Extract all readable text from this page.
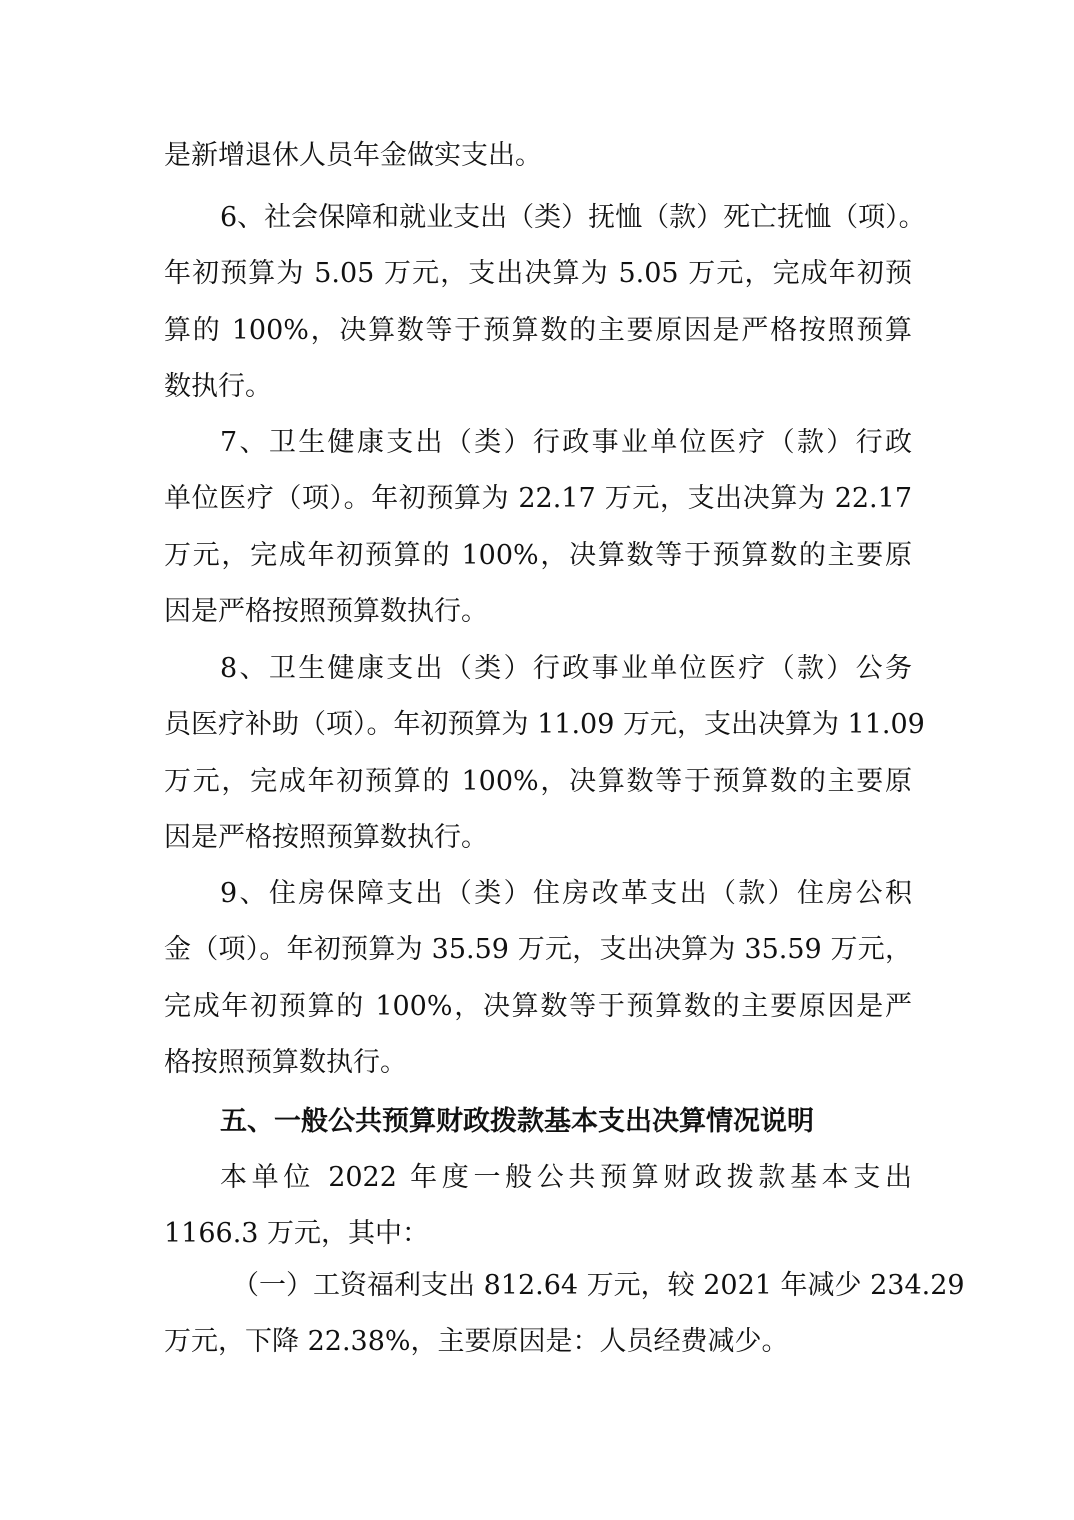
是新增退休人员年金做实支出。
6、社会保障和就业支出（类）抚恤（款）死亡抚恤（项）。
年初预算为 5.05 万元，支出决算为 5.05 万元，完成年初预
算的 100%，决算数等于预算数的主要原因是严格按照预算
数执行。
7、卫生健康支出（类）行政事业单位医疗（款）行政
单位医疗（项）。年初预算为 22.17 万元，支出决算为 22.17
万元，完成年初预算的 100%，决算数等于预算数的主要原
因是严格按照预算数执行。
8、卫生健康支出（类）行政事业单位医疗（款）公务
员医疗补助（项）。年初预算为 11.09 万元，支出决算为 11.09
万元，完成年初预算的 100%，决算数等于预算数的主要原
因是严格按照预算数执行。
9、住房保障支出（类）住房改革支出（款）住房公积
金（项）。年初预算为 35.59 万元，支出决算为 35.59 万元，
完成年初预算的 100%，决算数等于预算数的主要原因是严
格按照预算数执行。
五、一般公共预算财政拨款基本支出决算情况说明
本单位 2022 年度一般公共预算财政拨款基本支出
1166.3 万元，其中：
（一）工资福利支出 812.64 万元，较 2021 年减少 234.29
万元，下降 22.38%，主要原因是：人员经费减少。
